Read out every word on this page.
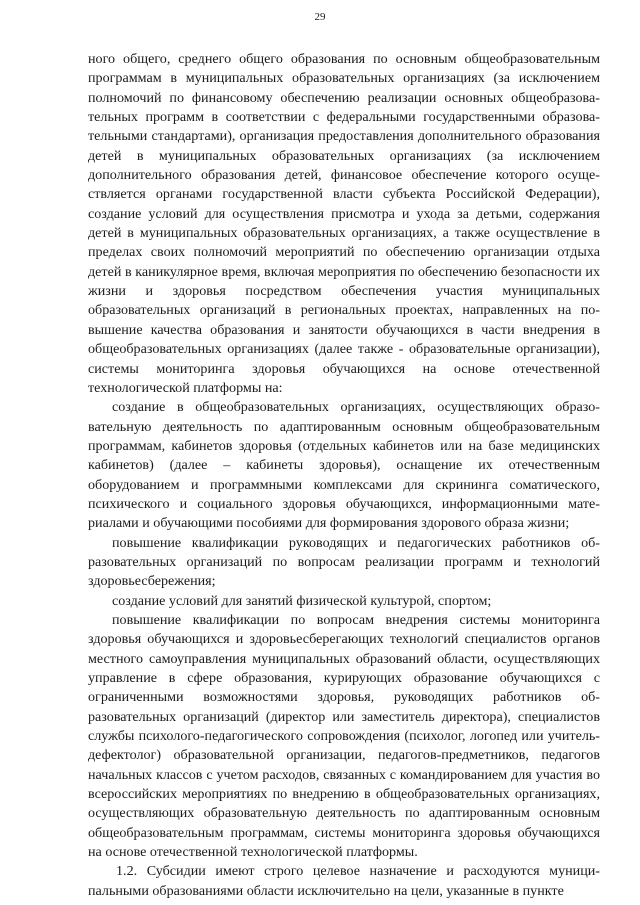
29

ного общего, среднего общего образования по основным общеобразовательным программам в муниципальных образовательных организациях (за исключением полномочий по финансовому обеспечению реализации основных общеобразовательных программ в соответствии с федеральными государственными образовательными стандартами), организация предоставления дополнительного образования детей в муниципальных образовательных организациях (за исключением дополнительного образования детей, финансовое обеспечение которого осуществляется органами государственной власти субъекта Российской Федерации), создание условий для осуществления присмотра и ухода за детьми, содержания детей в муниципальных образовательных организациях, а также осуществление в пределах своих полномочий мероприятий по обеспечению организации отдыха детей в каникулярное время, включая мероприятия по обеспечению безопасности их жизни и здоровья посредством обеспечения участия муниципальных образовательных организаций в региональных проектах, направленных на повышение качества образования и занятости обучающихся в части внедрения в общеобразовательных организациях (далее также - образовательные организации), системы мониторинга здоровья обучающихся на основе отечественной технологической платформы на:

создание в общеобразовательных организациях, осуществляющих образовательную деятельность по адаптированным основным общеобразовательным программам, кабинетов здоровья (отдельных кабинетов или на базе медицинских кабинетов) (далее – кабинеты здоровья), оснащение их отечественным оборудованием и программными комплексами для скрининга соматического, психического и социального здоровья обучающихся, информационными материалами и обучающими пособиями для формирования здорового образа жизни;

повышение квалификации руководящих и педагогических работников образовательных организаций по вопросам реализации программ и технологий здоровьесбережения;

создание условий для занятий физической культурой, спортом;

повышение квалификации по вопросам внедрения системы мониторинга здоровья обучающихся и здоровьесберегающих технологий специалистов органов местного самоуправления муниципальных образований области, осуществляющих управление в сфере образования, курирующих образование обучающихся с ограниченными возможностями здоровья, руководящих работников образовательных организаций (директор или заместитель директора), специалистов службы психолого-педагогического сопровождения (психолог, логопед или учитель-дефектолог) образовательной организации, педагогов-предметников, педагогов начальных классов с учетом расходов, связанных с командированием для участия во всероссийских мероприятиях по внедрению в общеобразовательных организациях, осуществляющих образовательную деятельность по адаптированным основным общеобразовательным программам, системы мониторинга здоровья обучающихся на основе отечественной технологической платформы.

1.2. Субсидии имеют строго целевое назначение и расходуются муниципальными образованиями области исключительно на цели, указанные в пункте
